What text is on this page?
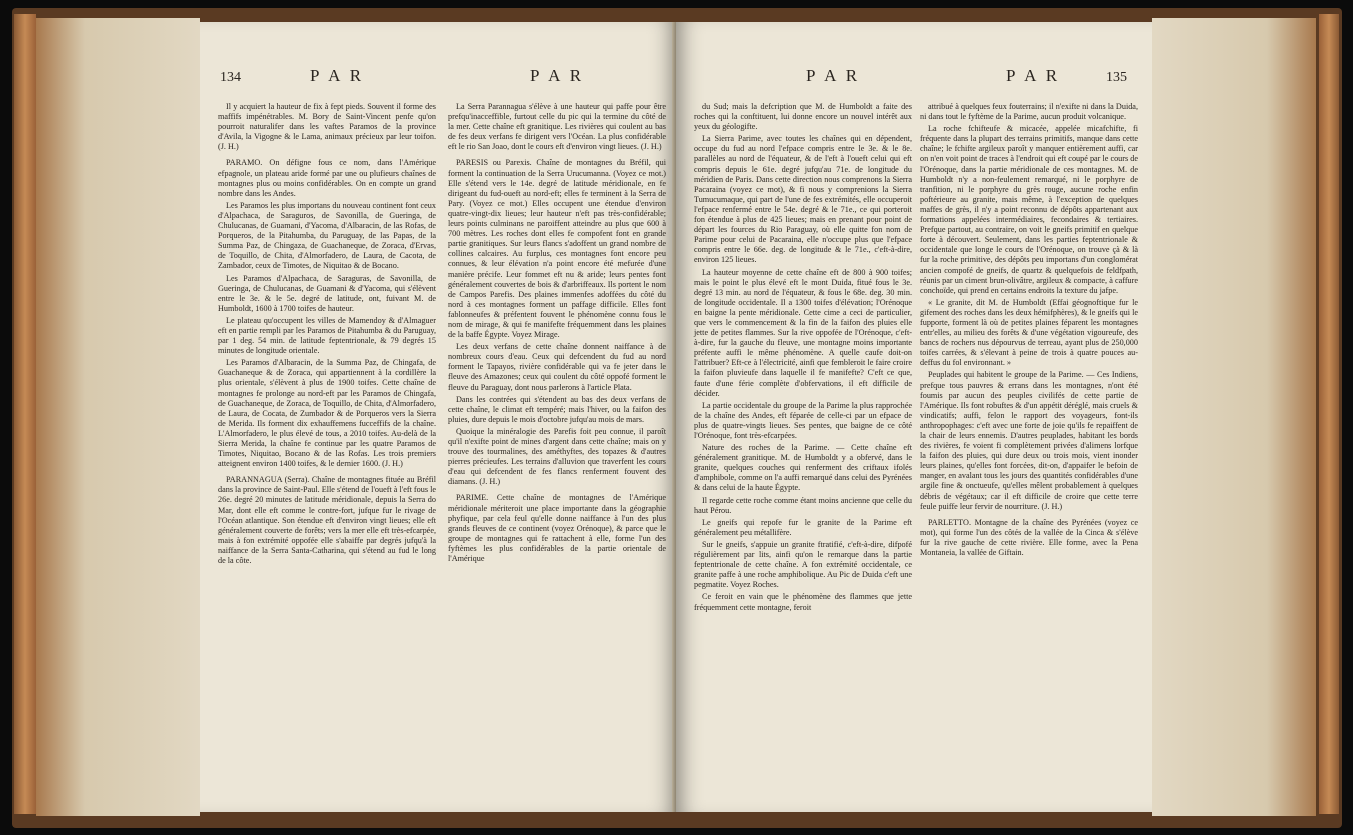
134	P A R	P A R

Il y acquiert la hauteur de fix à fept pieds. Souvent il forme des maffifs impénétrables. M. Bory de Saint-Vincent penfe qu'on pourroit naturalifer dans les vaftes Paramos de la province d'Avila, la Vigogne & le Lama, animaux précieux par leur toifon. (J. H.)

PARAMO. On défigne fous ce nom, dans l'Amérique efpagnole, un plateau aride formé par une ou plufieurs chaînes de montagnes plus ou moins confidérables. On en compte un grand nombre dans les Andes.

Les Paramos les plus importans du nouveau continent font ceux d'Alpachaca, de Saraguros, de Savonilla, de Gueringa, de Chulucanas, de Guamani, d'Yacoma, d'Albaracin, de las Rofas, de Porqueros, de la Pitahumba, du Paruguay, de las Papas, de la Summa Paz, de Chingaza, de Guachaneque, de Zoraca, d'Ervas, de Toquillo, de Chita, d'Almorfadero, de Laura, de Cacota, de Zambador, ceux de Timotes, de Niquitao & de Bocano.

Les Paramos d'Alpachaca, de Saraguras, de Savonilla, de Gueringa, de Chulucanas, de Guamani & d'Yacoma, qui s'élèvent entre le 3e. & le 5e. degré de latitude, ont, fuivant M. de Humboldt, 1600 à 1700 toifes de hauteur.

Le plateau qu'occupent les villes de Mamendoy & d'Almaguer eft en partie rempli par les Paramos de Pitahumba & du Paruguay, par 1 deg. 54 min. de latitude feptentrionale, & 79 degrés 15 minutes de longitude orientale.

Les Paramos d'Albaracin, de la Summa Paz, de Chingafa, de Guachaneque & de Zoraca, qui appartiennent à la cordillère la plus orientale, s'élèvent à plus de 1900 toifes. Cette chaîne de montagnes fe prolonge au nord-eft par les Paramos de Chingafa, de Guachaneque, de Zoraca, de Toquillo, de Chita, d'Almorfadero, de Laura, de Cocata, de Zumbador & de Porqueros vers la Sierra de Merida. Ils forment dix exhauffemens fucceffifs de la chaîne. L'Almorfadero, le plus élevé de tous, a 2010 toifes. Au-delà de la Sierra Merida, la chaîne fe continue par les quatre Paramos de Timotes, Niquitao, Bocano & de las Rofas. Les trois premiers atteignent environ 1400 toifes, & le dernier 1600. (J. H.)

PARANNAGUA (Serra). Chaîne de montagnes fituée au Bréfil dans la province de Saint-Paul. Elle s'étend de l'oueft à l'eft fous le 26e. degré 20 minutes de latitude méridionale, depuis la Serra do Mar, dont elle eft comme le contre-fort, jufque fur le rivage de l'Océan atlantique. Son étendue eft d'environ vingt lieues; elle eft généralement couverte de forêts; vers la mer elle eft très-efcarpée, mais à fon extrémité oppofée elle s'abaiffe par degrés jufqu'à la naiffance de la Serra Santa-Catharina, qui s'étend au fud le long de la côte.

La Serra Parannagua s'élève à une hauteur qui paffe pour être prefqu'inacceffible, furtout celle du pic qui la termine du côté de la mer. Cette chaîne eft granitique. Les rivières qui coulent au bas de fes deux verfans fe dirigent vers l'Océan. La plus confidérable eft le rio San Joao, dont le cours eft d'environ vingt lieues. (J. H.)

PARESIS ou Parexis. Chaîne de montagnes du Bréfil, qui forment la continuation de la Serra Urucumanna. (Voyez ce mot.) Elle s'étend vers le 14e. degré de latitude méridionale, en fe dirigeant du fud-oueft au nord-eft; elles fe terminent à la Serra de Pary. (Voyez ce mot.) Elles occupent une étendue d'environ quatre-vingt-dix lieues; leur hauteur n'eft pas très-confidérable; leurs points culminans ne paroiffent atteindre au plus que 600 à 700 mètres. Les roches dont elles fe compofent font en grande partie granitiques. Sur leurs flancs s'adoffent un grand nombre de collines calcaires. Au furplus, ces montagnes font encore peu connues, & leur élévation n'a point encore été mefurée d'une manière précife. Leur fommet eft nu & aride; leurs pentes font généralement couvertes de bois & d'arbriffeaux. Ils portent le nom de Campos Parefis. Des plaines immenfes adoffées du côté du nord à ces montagnes forment un paffage difficile. Elles font fablonneufes & préfentent fouvent le phénomène connu fous le nom de mirage, & qui fe manifefte fréquemment dans les plaines de la baffe Égypte. Voyez Mirage.

Les deux verfans de cette chaîne donnent naiffance à de nombreux cours d'eau. Ceux qui defcendent du fud au nord forment le Tapayos, rivière confidérable qui va fe jeter dans le fleuve des Amazones; ceux qui coulent du côté oppofé forment le fleuve du Paraguay, dont nous parlerons à l'article Plata.

Dans les contrées qui s'étendent au bas des deux verfans de cette chaîne, le climat eft tempéré; mais l'hiver, ou la faifon des pluies, dure depuis le mois d'octobre jufqu'au mois de mars.

Quoique la minéralogie des Parefis foit peu connue, il paroît qu'il n'exifte point de mines d'argent dans cette chaîne; mais on y trouve des tourmalines, des améthyftes, des topazes & d'autres pierres précieufes. Les terrains d'alluvion que traverfent les cours d'eau qui defcendent de fes flancs renferment fouvent des diamans. (J. H.)

PARIME. Cette chaîne de montagnes de l'Amérique méridionale mériteroit une place importante dans la géographie phyfique, par cela feul qu'elle donne naiffance à l'un des plus grands fleuves de ce continent (voyez Orénoque), & parce que le groupe de montagnes qui fe rattachent à elle, forme l'un des fyftèmes les plus confidérables de la partie orientale de l'Amérique

P A R	P A R	135

du Sud; mais la defcription que M. de Humboldt a faite des roches qui la conftituent, lui donne encore un nouvel intérêt aux yeux du géologifte.

La Sierra Parime, avec toutes les chaînes qui en dépendent, occupe du fud au nord l'efpace compris entre le 3e. & le 8e. parallèles au nord de l'équateur, & de l'eft à l'oueft celui qui eft compris depuis le 61e. degré jufqu'au 71e. de longitude du méridien de Paris. Dans cette direction nous comprenons la Sierra Pacaraina (voyez ce mot), & fi nous y comprenions la Sierra Tumucumaque, qui part de l'une de fes extrémités, elle occuperoit l'efpace renfermé entre le 54e. degré & le 71e., ce qui porteroit fon étendue à plus de 425 lieues; mais en prenant pour point de départ les fources du Rio Paraguay, où elle quitte fon nom de Parime pour celui de Pacaraina, elle n'occupe plus que l'efpace compris entre le 66e. deg. de longitude & le 71e., c'eft-à-dire, environ 125 lieues.

La hauteur moyenne de cette chaîne eft de 800 à 900 toifes; mais le point le plus élevé eft le mont Duida, fitué fous le 3e. degré 13 min. au nord de l'équateur, & fous le 68e. deg. 30 min. de longitude occidentale. Il a 1300 toifes d'élévation; l'Orénoque en baigne la pente méridionale. Cette cime a ceci de particulier, que vers le commencement & la fin de la faifon des pluies elle jette de petites flammes. Sur la rive oppofée de l'Orénoque, c'eft-à-dire, fur la gauche du fleuve, une montagne moins importante préfente auffi le même phénomène. A quelle caufe doit-on l'attribuer? Eft-ce à l'électricité, ainfi que fembleroit le faire croire la faifon pluvieufe dans laquelle il fe manifefte? C'eft ce que, faute d'une férie complète d'obfervations, il eft difficile de décider.

La partie occidentale du groupe de la Parime la plus rapprochée de la chaîne des Andes, eft féparée de celle-ci par un efpace de plus de quatre-vingts lieues. Ses pentes, que baigne de ce côté l'Orénoque, font très-efcarpées.

Nature des roches de la Parime. — Cette chaîne eft généralement granitique. M. de Humboldt y a obfervé, dans le granite, quelques couches qui renferment des criftaux ifolés d'amphibole, comme on l'a auffi remarqué dans celui des Pyrénées & dans celui de la haute Égypte.

Il regarde cette roche comme étant moins ancienne que celle du haut Pérou.

Le gneifs qui repofe fur le granite de la Parime eft généralement peu métallifère.

Sur le gneifs, s'appuie un granite ftratifié, c'eft-à-dire, difpofé régulièrement par lits, ainfi qu'on le remarque dans la partie feptentrionale de cette chaîne. A fon extrémité occidentale, ce granite paffe à une roche amphibolique. Au Pic de Duida c'eft une pegmatite. Voyez Roches.

Ce feroit en vain que le phénomène des flammes que jette fréquemment cette montagne, feroit

attribué à quelques feux fouterrains; il n'exifte ni dans la Duida, ni dans tout le fyftème de la Parime, aucun produit volcanique.

La roche fchifteufe & micacée, appelée micafchifte, fi fréquente dans la plupart des terrains primitifs, manque dans cette chaîne; le fchifte argileux paroît y manquer entièrement auffi, car on n'en voit point de traces à l'endroit qui eft coupé par le cours de l'Orénoque, dans la partie méridionale de ces montagnes. M. de Humboldt n'y a non-feulement remarqué, ni le porphyre de tranfition, ni le porphyre du grès rouge, aucune roche enfin poftérieure au granite, mais même, à l'exception de quelques maffes de grès, il n'y a point reconnu de dépôts appartenant aux formations appelées intermédiaires, fecondaires & tertiaires. Prefque partout, au contraire, on voit le gneifs primitif en quelque forte à découvert. Seulement, dans les parties feptentrionale & occidentale que longe le cours de l'Orénoque, on trouve çà & là fur la roche primitive, des dépôts peu importans d'un conglomérat ancien compofé de gneifs, de quartz & quelquefois de feldfpath, réunis par un ciment brun-olivâtre, argileux & compacte, à caffure conchoïde, qui prend en certains endroits la texture du jafpe.

« Le granite, dit M. de Humboldt (Effai géognoftique fur le gifement des roches dans les deux hémifphères), & le gneifs qui le fupporte, forment là où de petites plaines féparent les montagnes entr'elles, au milieu des forêts & d'une végétation vigoureufe, des bancs de rochers nus dépourvus de terreau, ayant plus de 250,000 toifes carrées, & s'élevant à peine de trois à quatre pouces au-deffus du fol environnant. »

Peuplades qui habitent le groupe de la Parime. — Ces Indiens, prefque tous pauvres & errans dans les montagnes, n'ont été foumis par aucun des peuples civilifés de cette partie de l'Amérique. Ils font robuftes & d'un appétit déréglé, mais cruels & vindicatifs; auffi, felon le rapport des voyageurs, font-ils anthropophages: c'eft avec une forte de joie qu'ils fe repaiffent de la chair de leurs ennemis. D'autres peuplades, habitant les bords des rivières, fe voient fi complètement privées d'alimens lorfque la faifon des pluies, qui dure deux ou trois mois, vient inonder leurs plaines, qu'elles font forcées, dit-on, d'appaifer le befoin de manger, en avalant tous les jours des quantités confidérables d'une argile fine & onctueufe, qu'elles mêlent probablement à quelques débris de végétaux; car il eft difficile de croire que cette terre feule puiffe leur fervir de nourriture. (J. H.)

PARLETTO. Montagne de la chaîne des Pyrénées (voyez ce mot), qui forme l'un des côtés de la vallée de la Cinca & s'élève fur la rive gauche de cette rivière. Elle forme, avec la Pena Montaneia, la vallée de Giftain.
